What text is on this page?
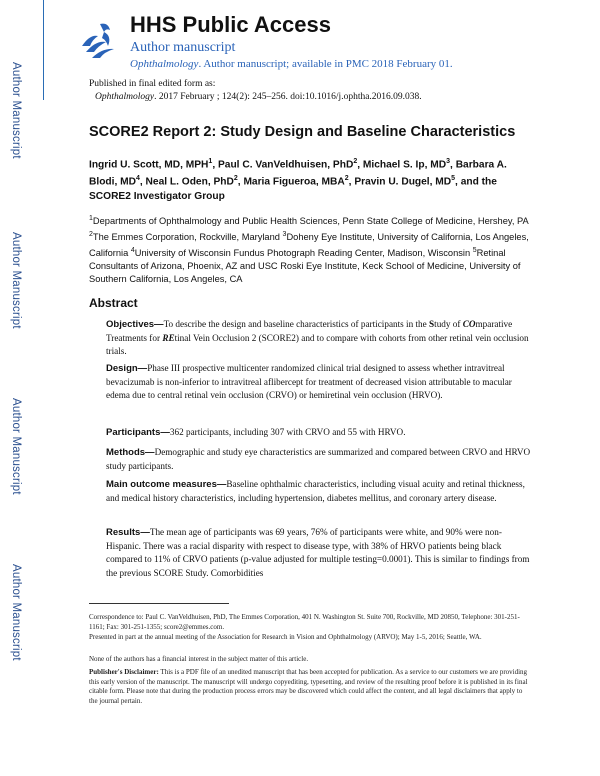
Author Manuscript
Author Manuscript
Author Manuscript
Author Manuscript
HHS Public Access
Author manuscript
Ophthalmology. Author manuscript; available in PMC 2018 February 01.
Published in final edited form as:
Ophthalmology. 2017 February ; 124(2): 245–256. doi:10.1016/j.ophtha.2016.09.038.
SCORE2 Report 2: Study Design and Baseline Characteristics
Ingrid U. Scott, MD, MPH$^1$, Paul C. VanVeldhuisen, PhD$^2$, Michael S. Ip, $MD^3$, Barbara A. Blodi, $MD^4$, Neal L. Oden, PhD$^2$, Maria Figueroa, MBA$^2$, Pravin U. Dugel, $MD^5$, and the SCORE2 Investigator Group
$^1$Departments of Ophthalmology and Public Health Sciences, Penn State College of Medicine, Hershey, PA $^2$The Emmes Corporation, Rockville, Maryland $^3$Doheny Eye Institute, University of California, Los Angeles, California $^4$University of Wisconsin Fundus Photograph Reading Center, Madison, Wisconsin $^5$Retinal Consultants of Arizona, Phoenix, AZ and USC Roski Eye Institute, Keck School of Medicine, University of Southern California, Los Angeles, CA
Abstract
Objectives—To describe the design and baseline characteristics of participants in the Study of COmparative Treatments for REtinal Vein Occlusion 2 (SCORE2) and to compare with cohorts from other retinal vein occlusion trials.
Design—Phase III prospective multicenter randomized clinical trial designed to assess whether intravitreal bevacizumab is non-inferior to intravitreal aflibercept for treatment of decreased vision attributable to macular edema due to central retinal vein occlusion (CRVO) or hemiretinal vein occlusion (HRVO).
Participants—362 participants, including 307 with CRVO and 55 with HRVO.
Methods—Demographic and study eye characteristics are summarized and compared between CRVO and HRVO study participants.
Main outcome measures—Baseline ophthalmic characteristics, including visual acuity and retinal thickness, and medical history characteristics, including hypertension, diabetes mellitus, and coronary artery disease.
Results—The mean age of participants was 69 years, 76% of participants were white, and 90% were non-Hispanic. There was a racial disparity with respect to disease type, with 38% of HRVO patients being black compared to 11% of CRVO patients (p-value adjusted for multiple testing=0.0001). This is similar to findings from the previous SCORE Study. Comorbidities
Correspondence to: Paul C. VanVeldhuisen, PhD, The Emmes Corporation, 401 N. Washington St. Suite 700, Rockville, MD 20850, Telephone: 301-251-1161; Fax: 301-251-1355; score2@emmes.com.
Presented in part at the annual meeting of the Association for Research in Vision and Ophthalmology (ARVO); May 1-5, 2016; Seattle, WA.
None of the authors has a financial interest in the subject matter of this article.
Publisher's Disclaimer: This is a PDF file of an unedited manuscript that has been accepted for publication. As a service to our customers we are providing this early version of the manuscript. The manuscript will undergo copyediting, typesetting, and review of the resulting proof before it is published in its final citable form. Please note that during the production process errors may be discovered which could affect the content, and all legal disclaimers that apply to the journal pertain.
